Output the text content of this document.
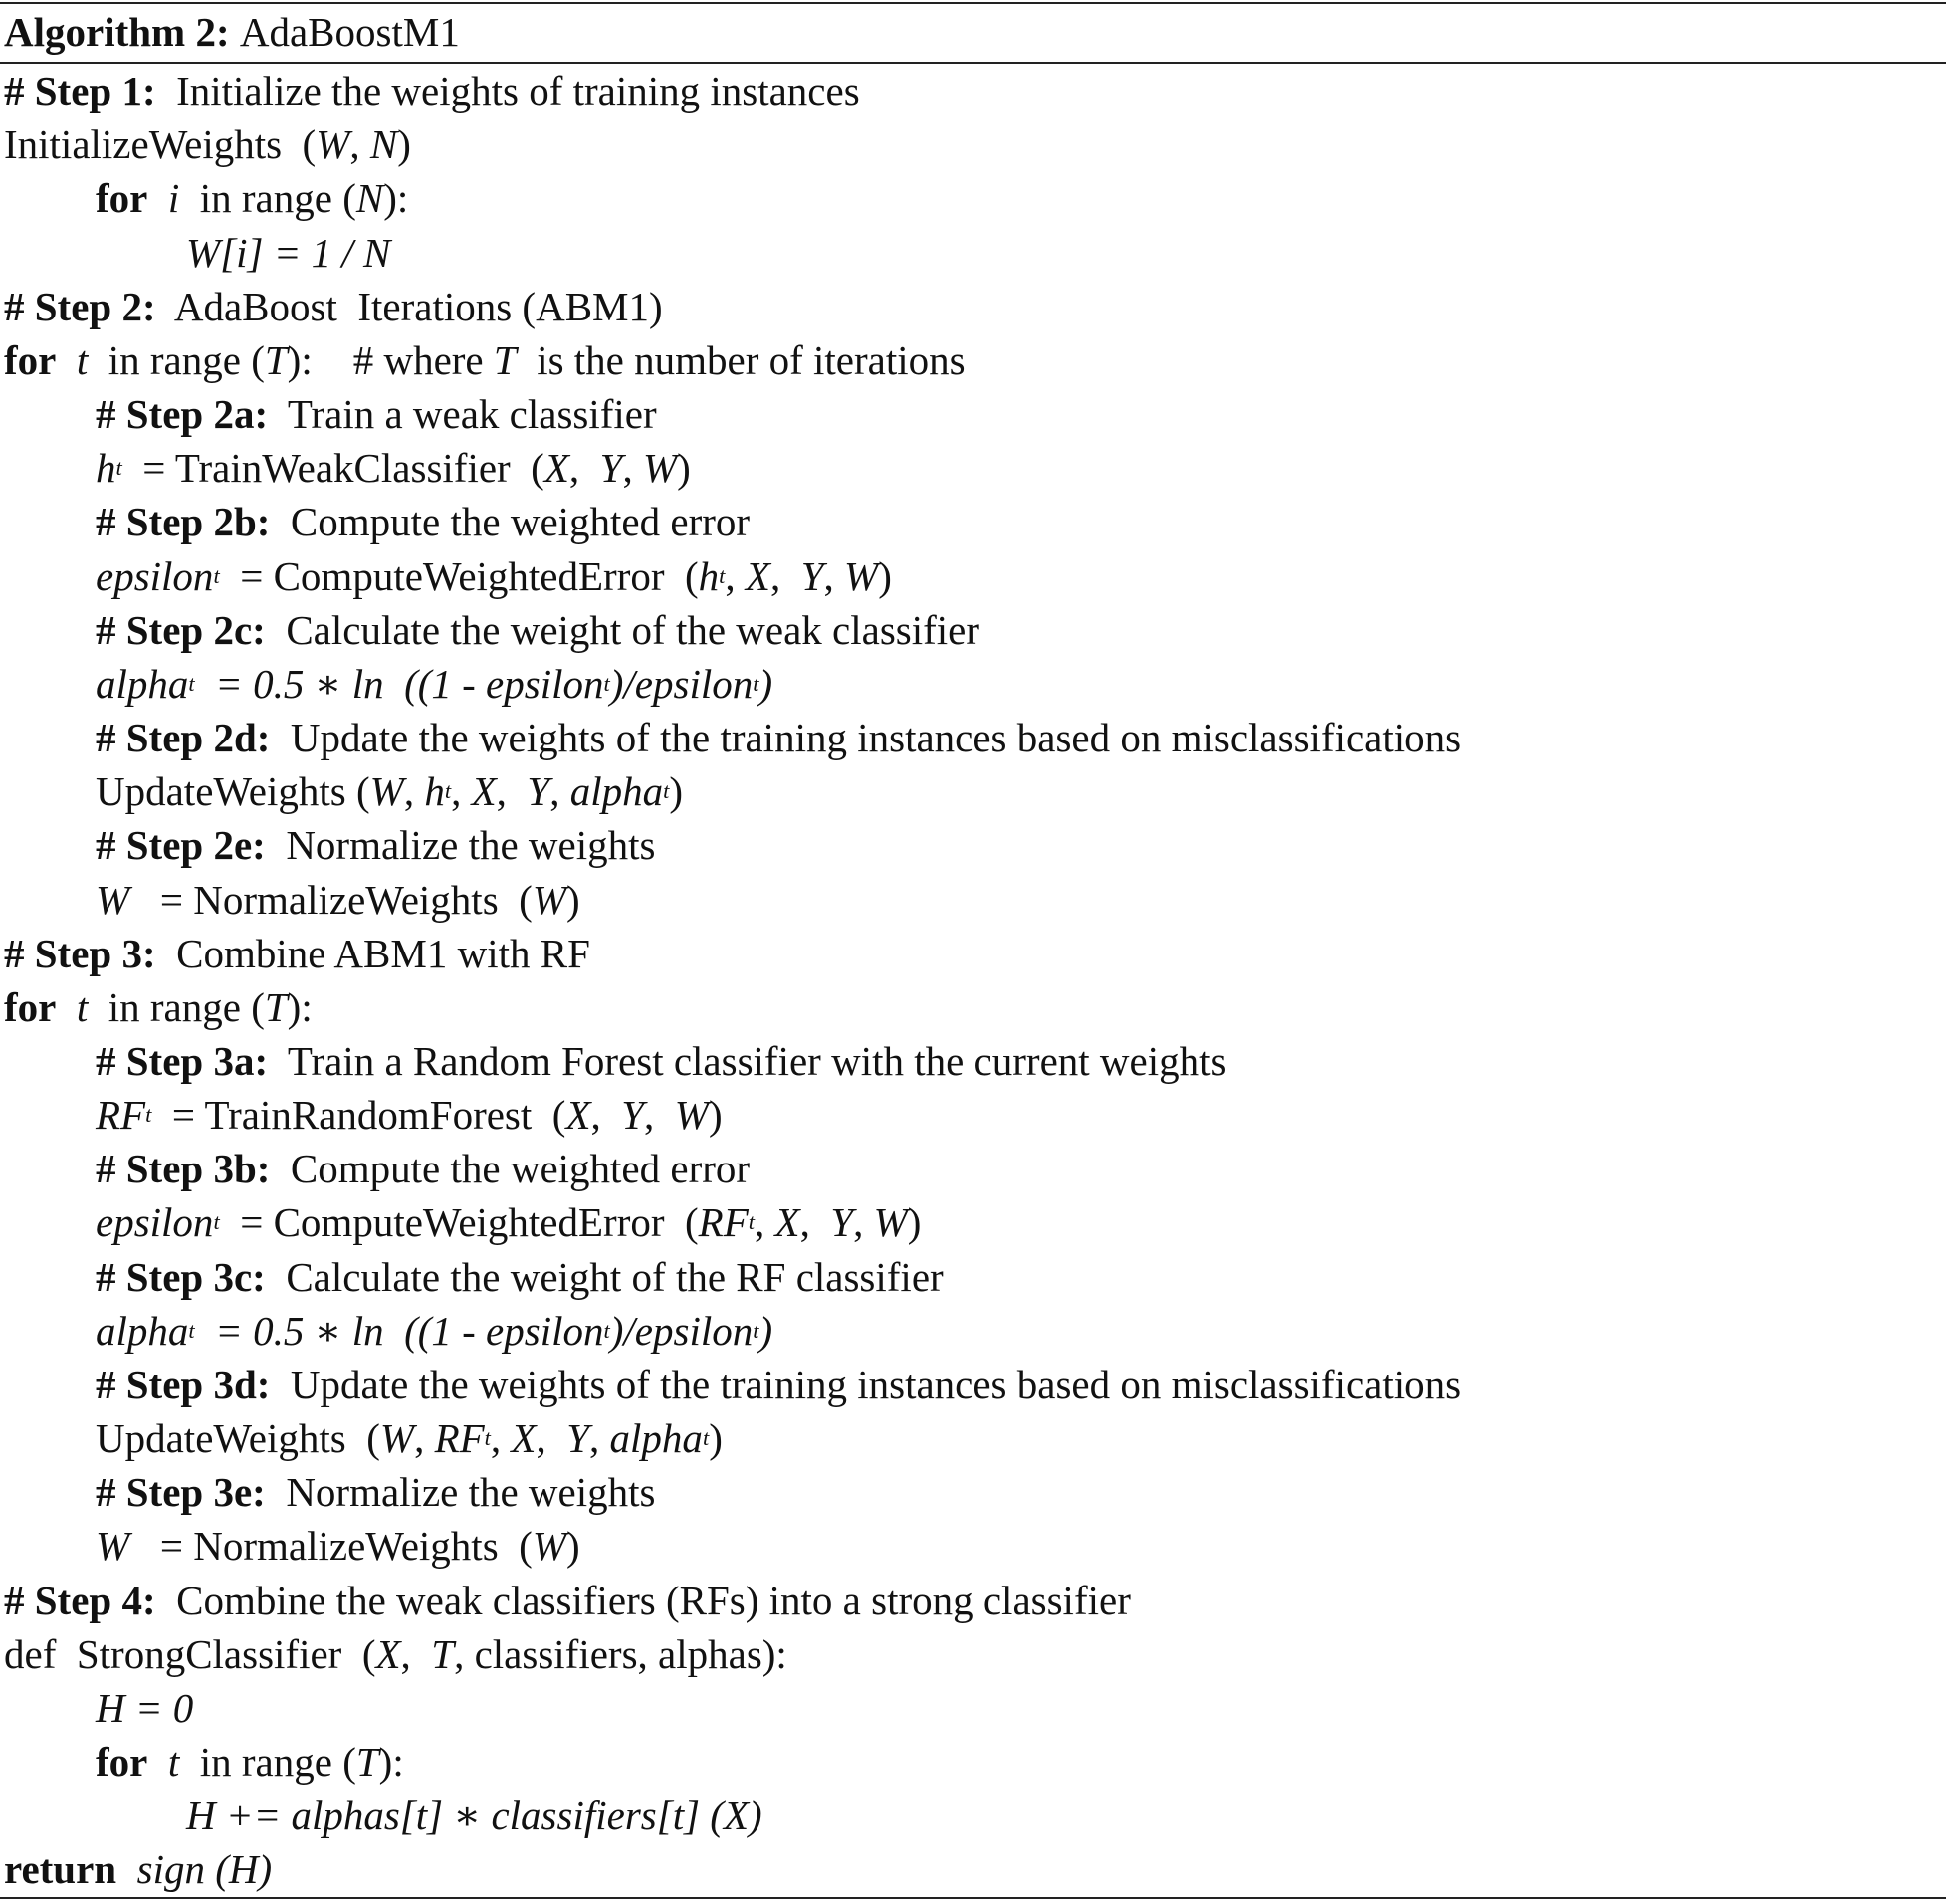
Algorithm 2:
AdaBoostM1
# Step 1: Initialize the weights of training instances
InitializeWeights  ( W , N )
for
i in range ( N ):
W[i] = 1 / N
# Step 2: AdaBoost  Iterations (ABM1)
for
t in range ( T ):    # where T is the number of iterations
# Step 2a: Train a weak classifier
h t = TrainWeakClassifier  ( X , Y , W )
# Step 2b: Compute the weighted error
epsilon t = ComputeWeightedError  ( h t , X , Y , W )
# Step 2c: Calculate the weight of the weak classifier
alpha t = 0.5 ∗ ln  ((1 - epsilon t )/epsilon t )
# Step 2d: Update the weights of the training instances based on misclassifications
UpdateWeights ( W , h t , X , Y , alpha t )
# Step 2e: Normalize the weights
W = NormalizeWeights  ( W )
# Step 3: Combine ABM1 with RF
for
t in range ( T ):
# Step 3a: Train a Random Forest classifier with the current weights
RF t = TrainRandomForest  ( X , Y , W )
# Step 3b: Compute the weighted error
epsilon t = ComputeWeightedError  ( RF t , X , Y , W )
# Step 3c: Calculate the weight of the RF classifier
alpha t = 0.5 ∗ ln  ((1 - epsilon t )/epsilon t )
# Step 3d: Update the weights of the training instances based on misclassifications
UpdateWeights  ( W , RF t , X , Y , alpha t )
# Step 3e: Normalize the weights
W = NormalizeWeights  ( W )
# Step 4: Combine the weak classifiers (RFs) into a strong classifier
def  StrongClassifier  ( X , T , classifiers, alphas):
H = 0
for
t in range ( T ):
H += alphas[t] ∗ classifiers[t] (X)
return
sign (H)
